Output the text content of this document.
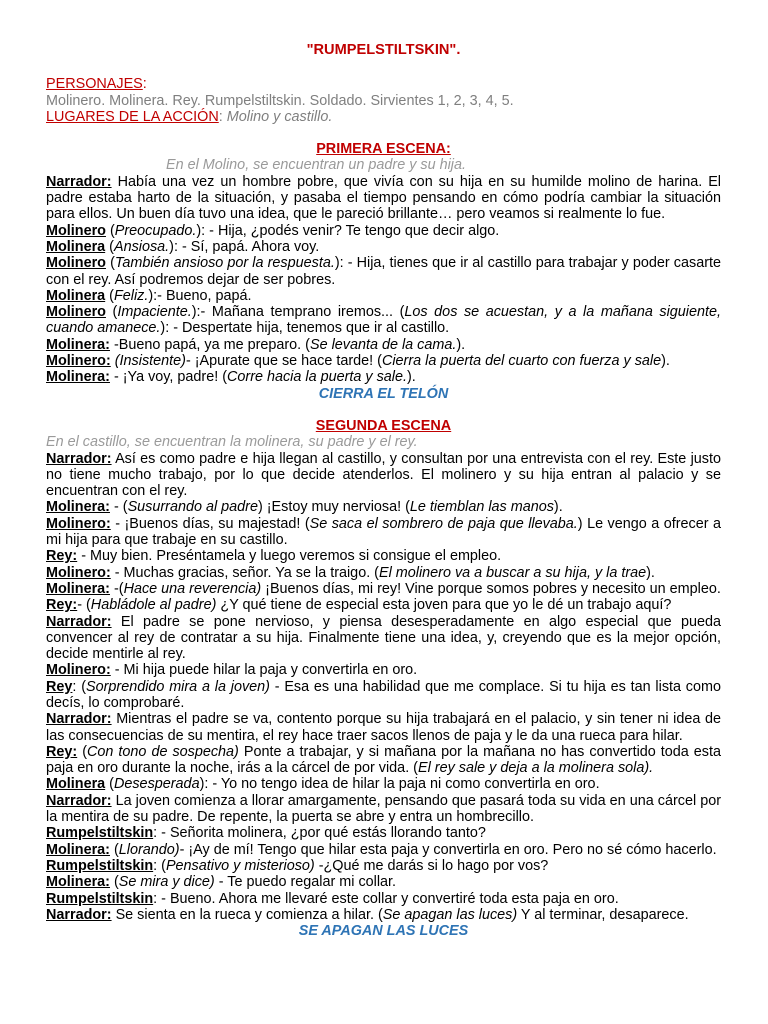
"RUMPELSTILTSKIN".
PERSONAJES:
Molinero. Molinera. Rey. Rumpelstiltskin. Soldado. Sirvientes 1, 2, 3, 4, 5.
LUGARES DE LA ACCIÓN: Molino y castillo.
PRIMERA ESCENA:
En el Molino, se encuentran un padre y su hija.

Narrador: Había una vez un hombre pobre, que vivía con su hija en su humilde molino de harina. El padre estaba harto de la situación, y pasaba el tiempo pensando en cómo podría cambiar la situación para ellos. Un buen día tuvo una idea, que le pareció brillante… pero veamos si realmente lo fue.

Molinero (Preocupado.): - Hija, ¿podés venir? Te tengo que decir algo.

Molinera (Ansiosa.): - Sí, papá. Ahora voy.

Molinero (También ansioso por la respuesta.): - Hija, tienes que ir al castillo para trabajar y poder casarte con el rey. Así podremos dejar de ser pobres.

Molinera (Feliz.):- Bueno, papá.

Molinero (Impaciente.):- Mañana temprano iremos... (Los dos se acuestan, y a la mañana siguiente, cuando amanece.): - Despertate hija, tenemos que ir al castillo.

Molinera: -Bueno papá, ya me preparo. (Se levanta de la cama.).

Molinero: (Insistente)- ¡Apurate que se hace tarde! (Cierra la puerta del cuarto con fuerza y sale).

Molinera: - ¡Ya voy, padre! (Corre hacia la puerta y sale.).

CIERRA EL TELÓN
SEGUNDA ESCENA
En el castillo, se encuentran la molinera, su padre y el rey.

Narrador: Así es como padre e hija llegan al castillo, y consultan por una entrevista con el rey. Este justo no tiene mucho trabajo, por lo que decide atenderlos. El molinero y su hija entran al palacio y se encuentran con el rey.

Molinera: - (Susurrando al padre) ¡Estoy muy nerviosa! (Le tiemblan las manos).

Molinero: - ¡Buenos días, su majestad! (Se saca el sombrero de paja que llevaba.) Le vengo a ofrecer a mi hija para que trabaje en su castillo.

Rey: - Muy bien. Preséntamela y luego veremos si consigue el empleo.

Molinero: - Muchas gracias, señor. Ya se la traigo. (El molinero va a buscar a su hija, y la trae).

Molinera: -(Hace una reverencia) ¡Buenos días, mi rey! Vine porque somos pobres y necesito un empleo.

Rey:- (Habládole al padre) ¿Y qué tiene de especial esta joven para que yo le dé un trabajo aquí?

Narrador: El padre se pone nervioso, y piensa desesperadamente en algo especial que pueda convencer al rey de contratar a su hija. Finalmente tiene una idea, y, creyendo que es la mejor opción, decide mentirle al rey.

Molinero: - Mi hija puede hilar la paja y convertirla en oro.

Rey: (Sorprendido mira a la joven) - Esa es una habilidad que me complace. Si tu hija es tan lista como decís, lo comprobaré.

Narrador: Mientras el padre se va, contento porque su hija trabajará en el palacio, y sin tener ni idea de las consecuencias de su mentira, el rey hace traer sacos llenos de paja y le da una rueca para hilar.

Rey: (Con tono de sospecha) Ponte a trabajar, y si mañana por la mañana no has convertido toda esta paja en oro durante la noche, irás a la cárcel de por vida. (El rey sale y deja a la molinera sola).

Molinera (Desesperada): - Yo no tengo idea de hilar la paja ni como convertirla en oro.

Narrador: La joven comienza a llorar amargamente, pensando que pasará toda su vida en una cárcel por la mentira de su padre. De repente, la puerta se abre y entra un hombrecillo.

Rumpelstiltskin: - Señorita molinera, ¿por qué estás llorando tanto?

Molinera: (Llorando)- ¡Ay de mí! Tengo que hilar esta paja y convertirla en oro. Pero no sé cómo hacerlo.

Rumpelstiltskin: (Pensativo y misterioso) -¿Qué me darás si lo hago por vos?

Molinera: (Se mira y dice) - Te puedo regalar mi collar.

Rumpelstiltskin: - Bueno. Ahora me llevaré este collar y convertiré toda esta paja en oro.

Narrador: Se sienta en la rueca y comienza a hilar. (Se apagan las luces) Y al terminar, desaparece.

SE APAGAN LAS LUCES
